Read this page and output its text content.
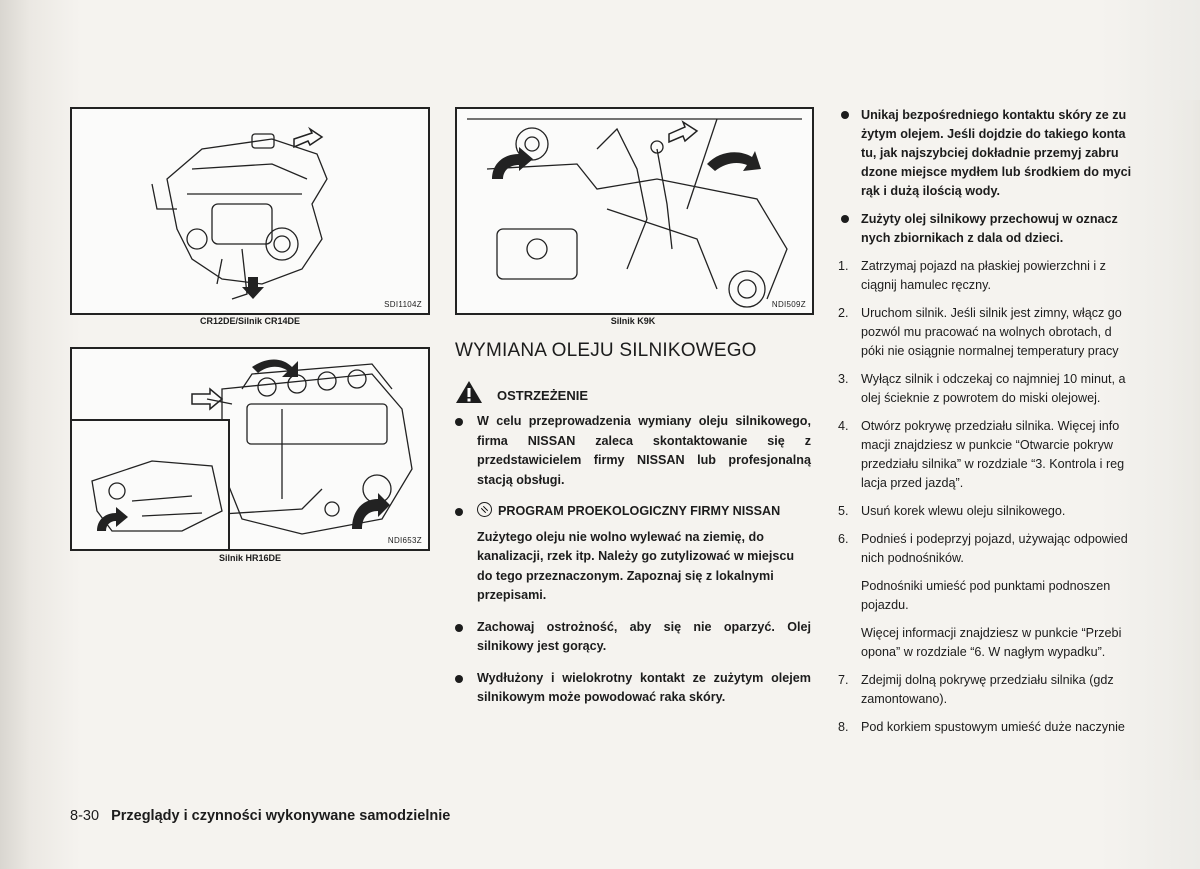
SDI1104Z
CR12DE/Silnik CR14DE
NDI653Z
Silnik HR16DE
NDI509Z
Silnik K9K
WYMIANA OLEJU SILNIKOWEGO
OSTRZEŻENIE
W celu przeprowadzenia wymiany oleju silnikowego, firma NISSAN zaleca skontaktowanie się z przedstawicielem firmy NISSAN lub profesjonalną stacją obsługi.
PROGRAM PROEKOLOGICZNY FIRMY NISSAN
Zużytego oleju nie wolno wylewać na ziemię, do kanalizacji, rzek itp. Należy go zutylizować w miejscu do tego przeznaczonym. Zapoznaj się z lokalnymi przepisami.
Zachowaj ostrożność, aby się nie oparzyć. Olej silnikowy jest gorący.
Wydłużony i wielokrotny kontakt ze zużytym olejem silnikowym może powodować raka skóry.
Unikaj bezpośredniego kontaktu skóry ze zu
żytym olejem. Jeśli dojdzie do takiego konta
tu, jak najszybciej dokładnie przemyj zabru
dzone miejsce mydłem lub środkiem do myci
rąk i dużą ilością wody.
Zużyty olej silnikowy przechowuj w oznacz
nych zbiornikach z dala od dzieci.
1. Zatrzymaj pojazd na płaskiej powierzchni i z
ciągnij hamulec ręczny.
2. Uruchom silnik. Jeśli silnik jest zimny, włącz go
pozwól mu pracować na wolnych obrotach, d
póki nie osiągnie normalnej temperatury pracy
3. Wyłącz silnik i odczekaj co najmniej 10 minut, a
olej ścieknie z powrotem do miski olejowej.
4. Otwórz pokrywę przedziału silnika. Więcej info
macji znajdziesz w punkcie “Otwarcie pokryw
przedziału silnika” w rozdziale “3. Kontrola i reg
lacja przed jazdą”.
5. Usuń korek wlewu oleju silnikowego.
6. Podnieś i podeprzyj pojazd, używając odpowied
nich podnośników.
Podnośniki umieść pod punktami podnoszen
pojazdu.
Więcej informacji znajdziesz w punkcie “Przebi
opona” w rozdziale “6. W nagłym wypadku”.
7. Zdejmij dolną pokrywę przedziału silnika (gdz
zamontowano).
8. Pod korkiem spustowym umieść duże naczynie
8-30 Przeglądy i czynności wykonywane samodzielnie
